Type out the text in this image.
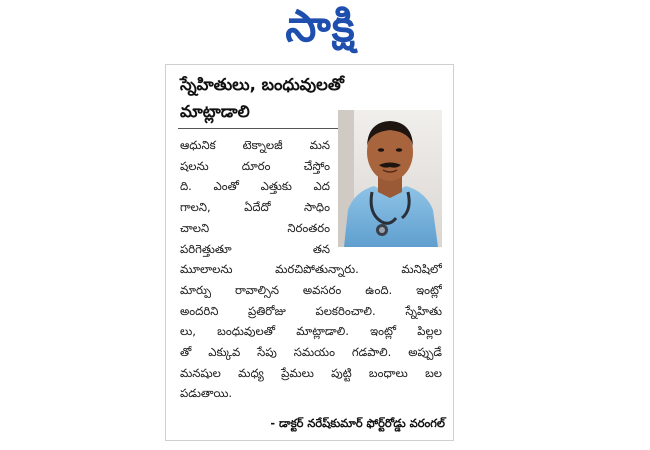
సాక్షి
స్నేహితులు, బంధువులతో
మాట్లాడాలి
ఆధునిక టెక్నాలజీ మన
షలను దూరం చేస్తోం
ది. ఎంతో ఎత్తుకు ఎద
గాలని, ఏదేదో సాధిం
చాలని నిరంతరం
పరిగెత్తుతూ తన
మూలాలను మరచిపోతున్నారు. మనిషిలో
మార్పు రావాల్సిన అవసరం ఉంది. ఇంట్లో
అందరిని ప్రతిరోజు పలకరించాలి. స్నేహితు
లు, బంధువులతో మాట్లాడాలి. ఇంట్లో పిల్లల
తో ఎక్కువ సేపు సమయం గడపాలి. అప్పుడే
మనషుల మధ్య ప్రేమలు పుట్టి బంధాలు బల
పడుతాయి.
- డాక్టర్ నరేష్‌కుమార్ ఫోర్ట్‌రోడ్డు వరంగల్
